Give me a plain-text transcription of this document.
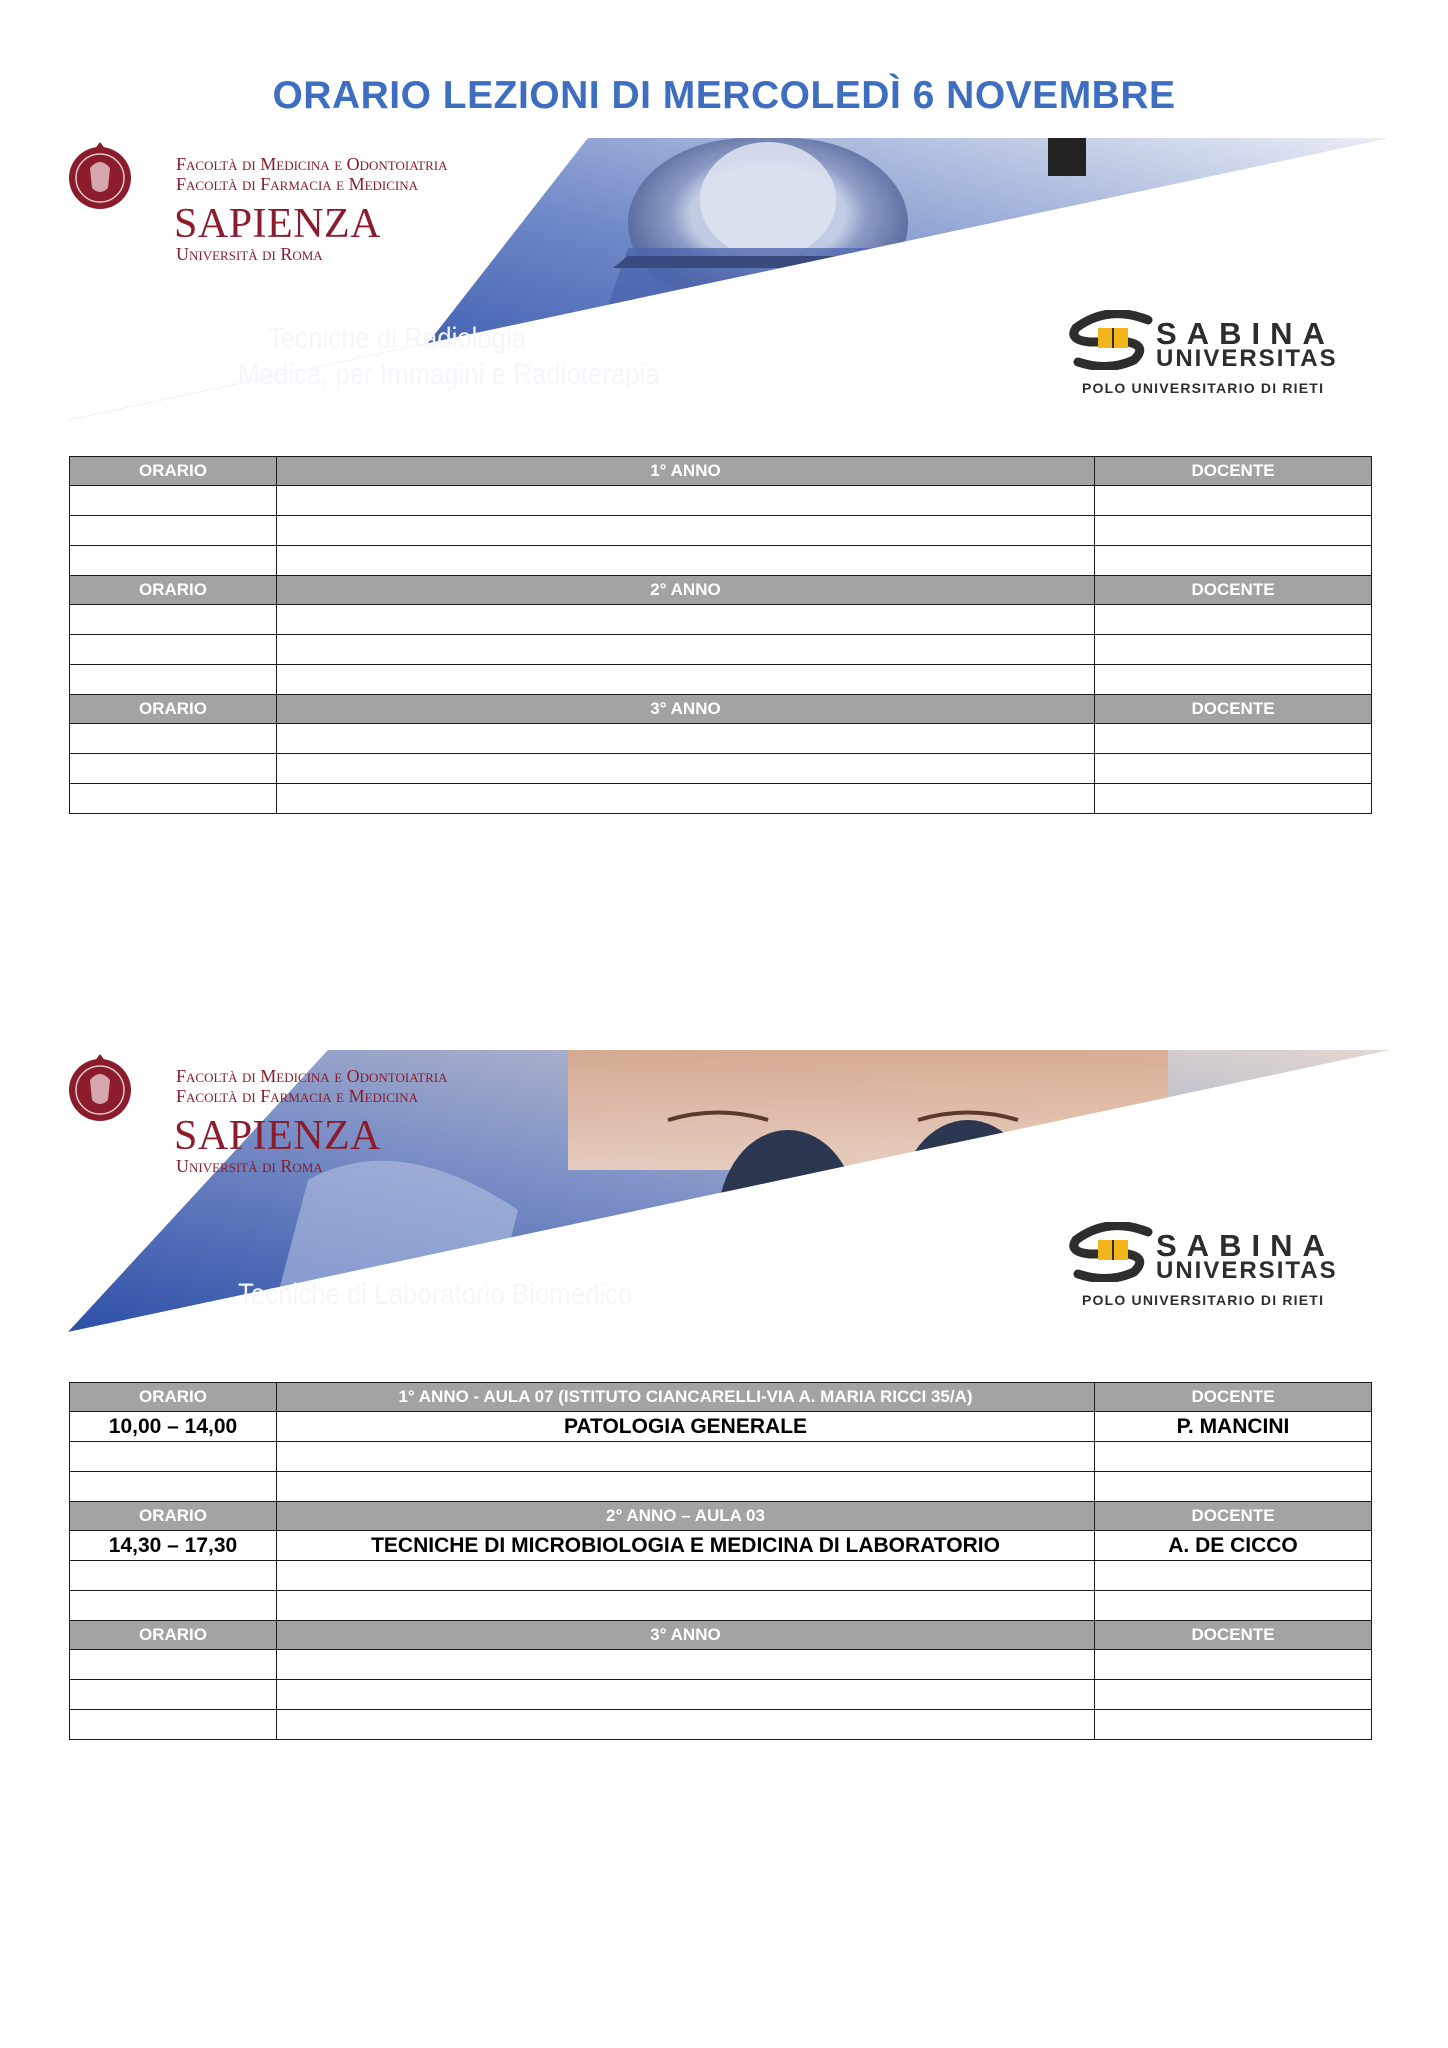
ORARIO LEZIONI DI MERCOLEDÌ 6 NOVEMBRE
Facoltà di Medicina e Odontoiatria
Facoltà di Farmacia e Medicina
SAPIENZA
Università di Roma
Tecniche di Radiologia
Medica, per Immagini e Radioterapia
SABINA
UNIVERSITAS
POLO UNIVERSITARIO DI RIETI
ORARIO	1° ANNO	DOCENTE

ORARIO	2° ANNO	DOCENTE

ORARIO	3° ANNO	DOCENTE

Facoltà di Medicina e Odontoiatria
Facoltà di Farmacia e Medicina
SAPIENZA
Università di Roma
Tecniche di Laboratorio Biomedico
SABINA
UNIVERSITAS
POLO UNIVERSITARIO DI RIETI
ORARIO	1° ANNO - AULA 07 (ISTITUTO CIANCARELLI-VIA A. MARIA RICCI 35/A)	DOCENTE
10,00 – 14,00	PATOLOGIA GENERALE	P. MANCINI

ORARIO	2° ANNO – AULA 03	DOCENTE
14,30 – 17,30	TECNICHE DI MICROBIOLOGIA E MEDICINA DI LABORATORIO	A. DE CICCO

ORARIO	3° ANNO	DOCENTE
